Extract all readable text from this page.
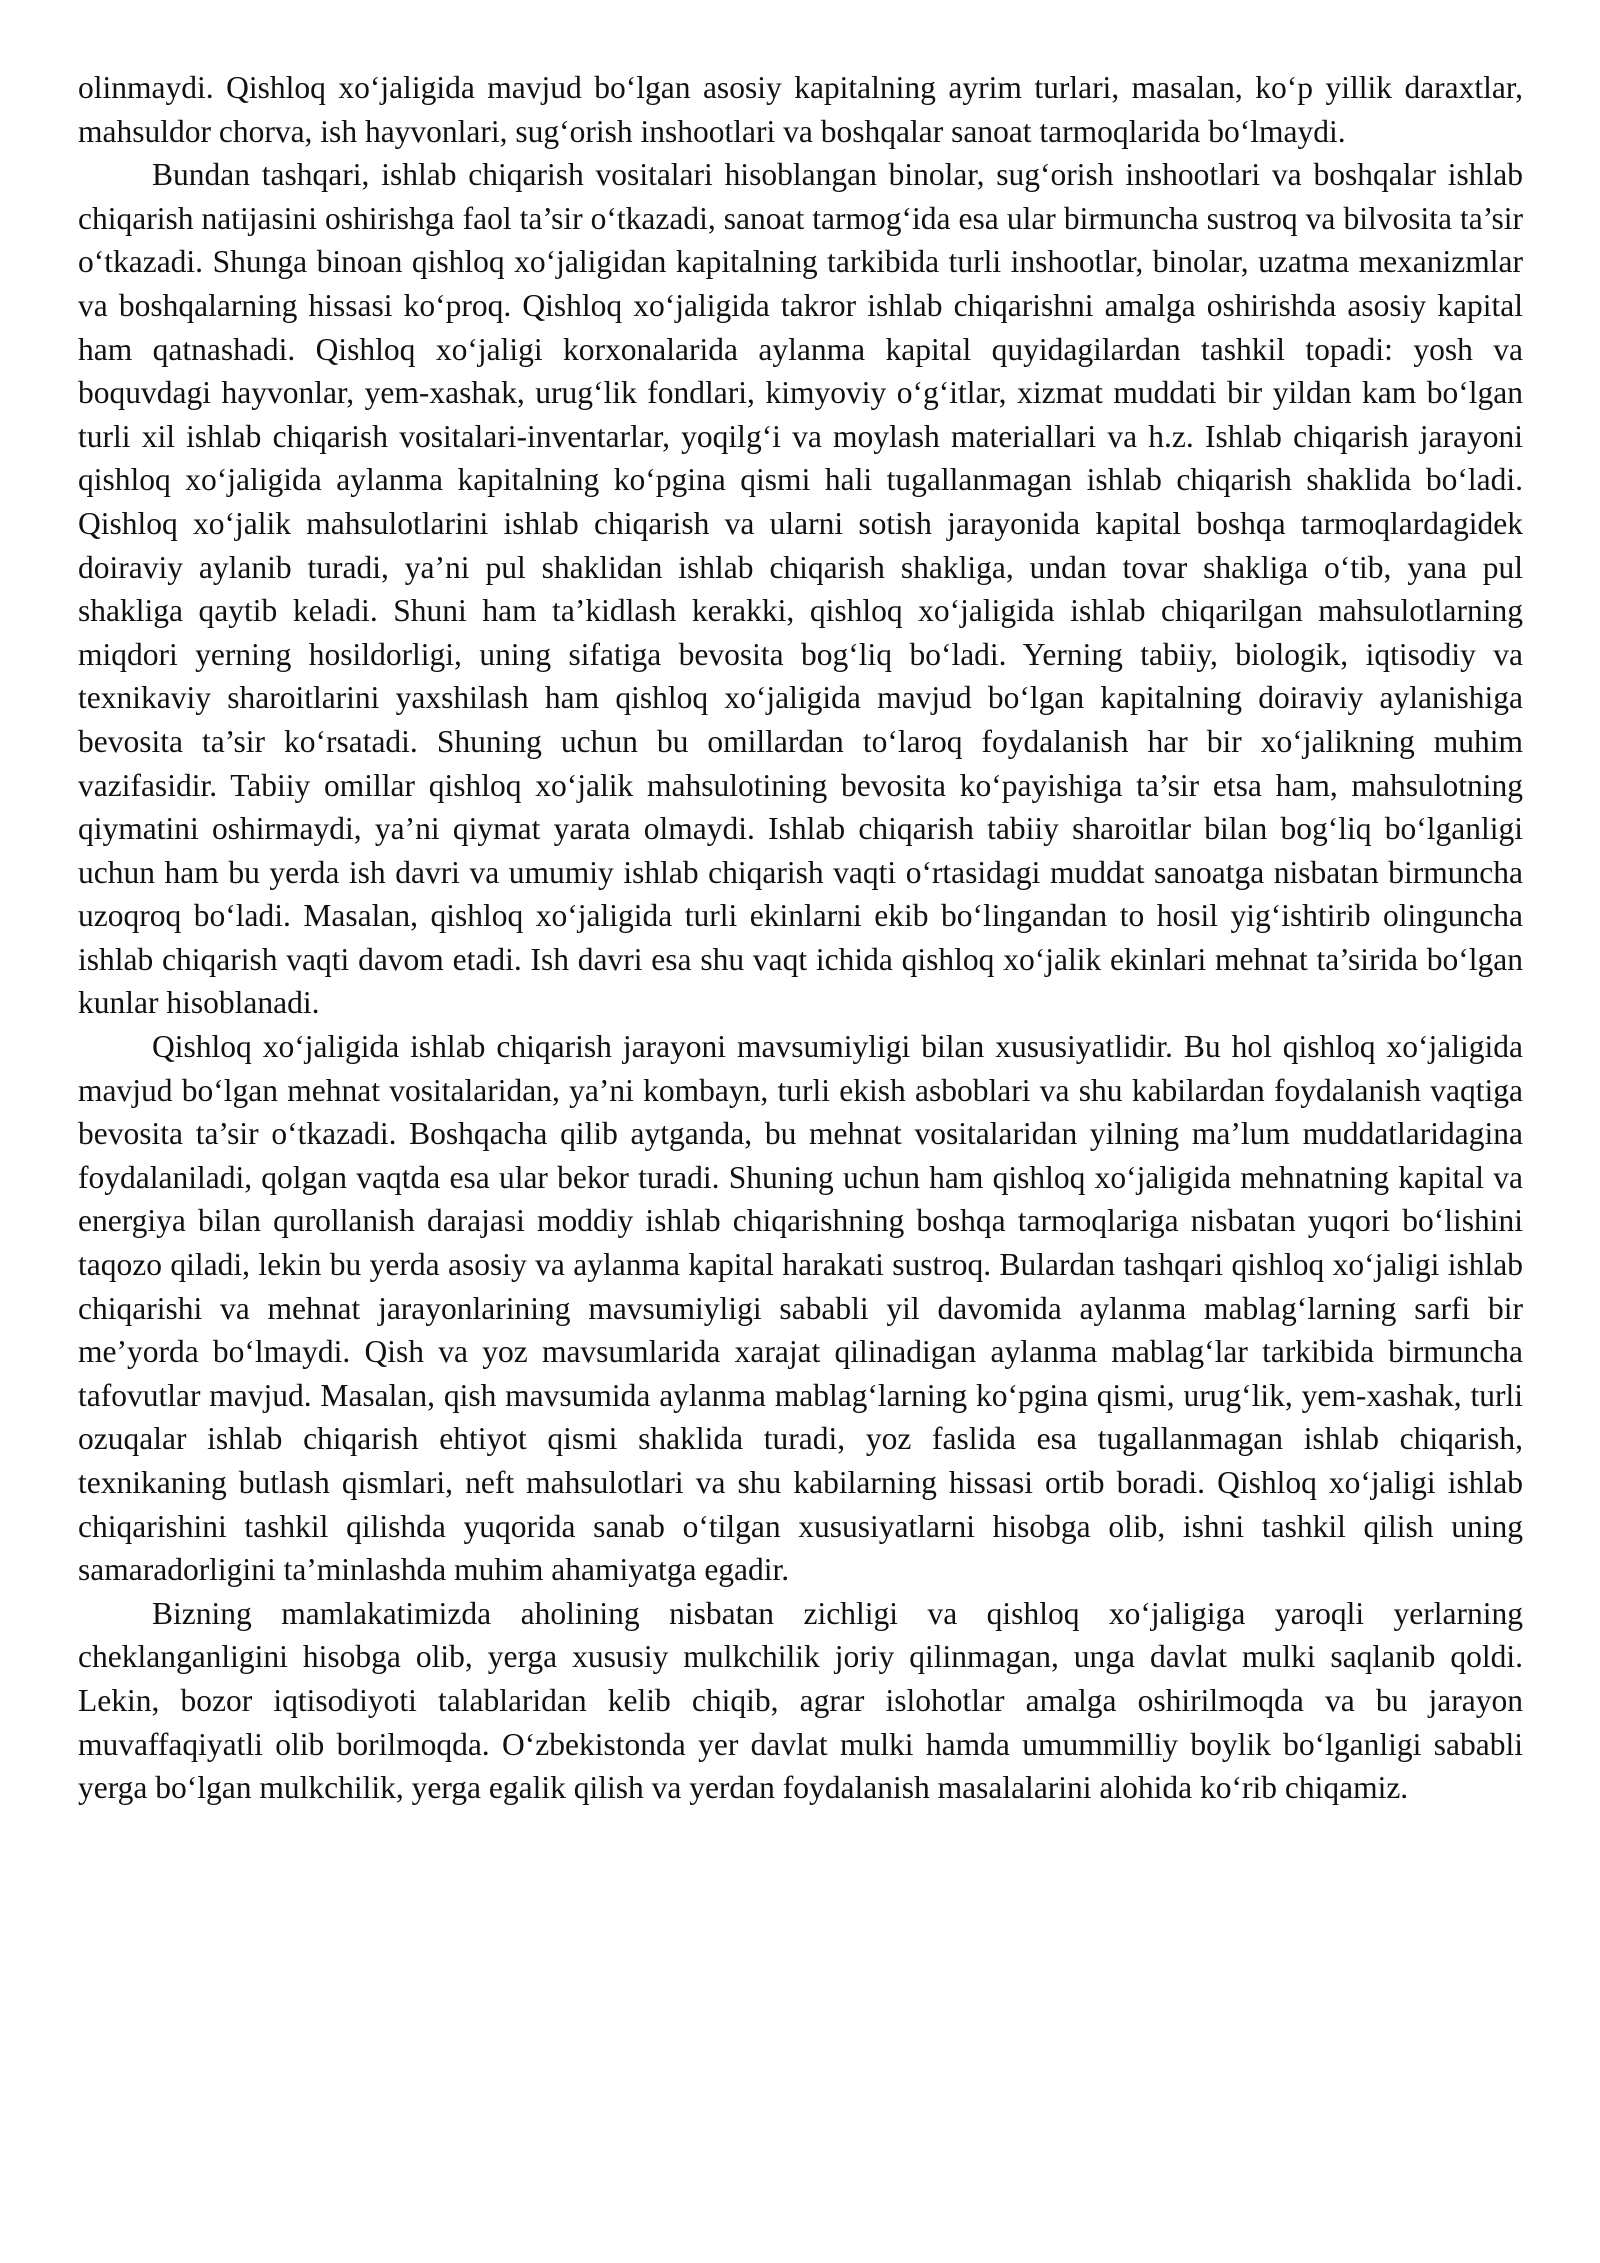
olinmaydi. Qishloq xo‘jaligida mavjud bo‘lgan asosiy kapitalning ayrim turlari, masalan, ko‘p yillik daraxtlar, mahsuldor chorva, ish hayvonlari, sug‘orish inshootlari va boshqalar sanoat tarmoqlarida bo‘lmaydi.

Bundan tashqari, ishlab chiqarish vositalari hisoblangan binolar, sug‘orish inshootlari va boshqalar ishlab chiqarish natijasini oshirishga faol ta’sir o‘tkazadi, sanoat tarmog‘ida esa ular birmuncha sustroq va bilvosita ta’sir o‘tkazadi. Shunga binoan qishloq xo‘jaligidan kapitalning tarkibida turli inshootlar, binolar, uzatma mexanizmlar va boshqalarning hissasi ko‘proq. Qishloq xo‘jaligida takror ishlab chiqarishni amalga oshirishda asosiy kapital ham qatnashadi. Qishloq xo‘jaligi korxonalarida aylanma kapital quyidagilardan tashkil topadi: yosh va boquvdagi hayvonlar, yem-xashak, urug‘lik fondlari, kimyoviy o‘g‘itlar, xizmat muddati bir yildan kam bo‘lgan turli xil ishlab chiqarish vositalari-inventarlar, yoqilg‘i va moylash materiallari va h.z. Ishlab chiqarish jarayoni qishloq xo‘jaligida aylanma kapitalning ko‘pgina qismi hali tugallanmagan ishlab chiqarish shaklida bo‘ladi. Qishloq xo‘jalik mahsulotlarini ishlab chiqarish va ularni sotish jarayonida kapital boshqa tarmoqlardagidek doiraviy aylanib turadi, ya’ni pul shaklidan ishlab chiqarish shakliga, undan tovar shakliga o‘tib, yana pul shakliga qaytib keladi. Shuni ham ta’kidlash kerakki, qishloq xo‘jaligida ishlab chiqarilgan mahsulotlarning miqdori yerning hosildorligi, uning sifatiga bevosita bog‘liq bo‘ladi. Yerning tabiiy, biologik, iqtisodiy va texnikaviy sharoitlarini yaxshilash ham qishloq xo‘jaligida mavjud bo‘lgan kapitalning doiraviy aylanishiga bevosita ta’sir ko‘rsatadi. Shuning uchun bu omillardan to‘laroq foydalanish har bir xo‘jalikning muhim vazifasidir. Tabiiy omillar qishloq xo‘jalik mahsulotining bevosita ko‘payishiga ta’sir etsa ham, mahsulotning qiymatini oshirmaydi, ya’ni qiymat yarata olmaydi. Ishlab chiqarish tabiiy sharoitlar bilan bog‘liq bo‘lganligi uchun ham bu yerda ish davri va umumiy ishlab chiqarish vaqti o‘rtasidagi muddat sanoatga nisbatan birmuncha uzoqroq bo‘ladi. Masalan, qishloq xo‘jaligida turli ekinlarni ekib bo‘lingandan to hosil yig‘ishtirib olinguncha ishlab chiqarish vaqti davom etadi. Ish davri esa shu vaqt ichida qishloq xo‘jalik ekinlari mehnat ta’sirida bo‘lgan kunlar hisoblanadi.

Qishloq xo‘jaligida ishlab chiqarish jarayoni mavsumiyligi bilan xususiyatlidir. Bu hol qishloq xo‘jaligida mavjud bo‘lgan mehnat vositalaridan, ya’ni kombayn, turli ekish asboblari va shu kabilardan foydalanish vaqtiga bevosita ta’sir o‘tkazadi. Boshqacha qilib aytganda, bu mehnat vositalaridan yilning ma’lum muddatlaridagina foydalaniladi, qolgan vaqtda esa ular bekor turadi. Shuning uchun ham qishloq xo‘jaligida mehnatning kapital va energiya bilan qurollanish darajasi moddiy ishlab chiqarishning boshqa tarmoqlariga nisbatan yuqori bo‘lishini taqozo qiladi, lekin bu yerda asosiy va aylanma kapital harakati sustroq. Bulardan tashqari qishloq xo‘jaligi ishlab chiqarishi va mehnat jarayonlarining mavsumiyligi sababli yil davomida aylanma mablag‘larning sarfi bir me’yorda bo‘lmaydi. Qish va yoz mavsumlarida xarajat qilinadigan aylanma mablag‘lar tarkibida birmuncha tafovutlar mavjud. Masalan, qish mavsumida aylanma mablag‘larning ko‘pgina qismi, urug‘lik, yem-xashak, turli ozuqalar ishlab chiqarish ehtiyot qismi shaklida turadi, yoz faslida esa tugallanmagan ishlab chiqarish, texnikaning butlash qismlari, neft mahsulotlari va shu kabilarning hissasi ortib boradi. Qishloq xo‘jaligi ishlab chiqarishini tashkil qilishda yuqorida sanab o‘tilgan xususiyatlarni hisobga olib, ishni tashkil qilish uning samaradorligini ta’minlashda muhim ahamiyatga egadir.

Bizning mamlakatimizda aholining nisbatan zichligi va qishloq xo‘jaligiga yaroqli yerlarning cheklanganligini hisobga olib, yerga xususiy mulkchilik joriy qilinmagan, unga davlat mulki saqlanib qoldi. Lekin, bozor iqtisodiyoti talablaridan kelib chiqib, agrar islohotlar amalga oshirilmoqda va bu jarayon muvaffaqiyatli olib borilmoqda. O‘zbekistonda yer davlat mulki hamda umummilliy boylik bo‘lganligi sababli yerga bo‘lgan mulkchilik, yerga egalik qilish va yerdan foydalanish masalalarini alohida ko‘rib chiqamiz.
